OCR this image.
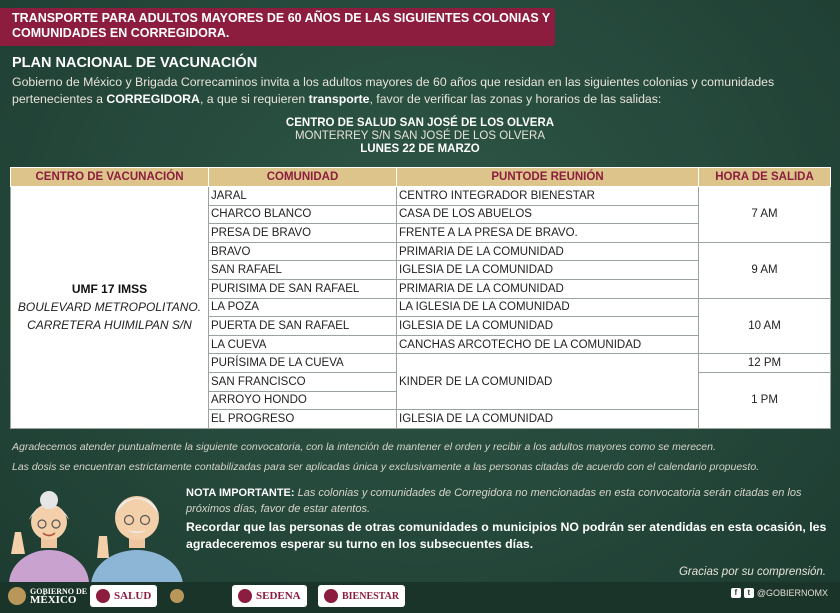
TRANSPORTE PARA ADULTOS MAYORES DE 60 AÑOS DE LAS SIGUIENTES COLONIAS Y
COMUNIDADES EN CORREGIDORA.
PLAN NACIONAL DE VACUNACIÓN
Gobierno de México y Brigada Correcaminos invita a los adultos mayores de 60 años que residan en las siguientes colonias y comunidades pertenecientes a CORREGIDORA, a que si requieren transporte, favor de verificar las zonas y horarios de las salidas:
CENTRO DE SALUD SAN JOSÉ DE LOS OLVERA
MONTERREY S/N SAN JOSÉ DE LOS OLVERA
LUNES 22 DE MARZO
CENTRO DE VACUNACIÓN	COMUNIDAD	PUNTODE REUNIÓN	HORA DE SALIDA

UMF 17 IMSS
BOULEVARD METROPOLITANO.
CARRETERA HUIMILPAN S/N	JARAL	CENTRO INTEGRADOR BIENESTAR	7 AM
	CHARCO BLANCO	CASA DE LOS ABUELOS	
	PRESA DE BRAVO	FRENTE A LA PRESA DE BRAVO.	
	BRAVO	PRIMARIA DE LA COMUNIDAD	9 AM
	SAN RAFAEL	IGLESIA DE LA COMUNIDAD	
	PURISIMA DE SAN RAFAEL	PRIMARIA DE LA COMUNIDAD	
	LA POZA	LA IGLESIA DE LA COMUNIDAD	10 AM
	PUERTA DE SAN RAFAEL	IGLESIA DE LA COMUNIDAD	
	LA CUEVA	CANCHAS ARCOTECHO DE LA COMUNIDAD	
	PURÍSIMA DE LA CUEVA	KINDER DE LA COMUNIDAD	12 PM
	SAN FRANCISCO		1 PM
	ARROYO HONDO		
	EL PROGRESO	IGLESIA DE LA COMUNIDAD	
Agradecemos atender puntualmente la siguiente convocatoria, con la intención de mantener el orden y recibir a los adultos mayores como se merecen.
Las dosis se encuentran estrictamente contabilizadas para ser aplicadas única y exclusivamente a las personas citadas de acuerdo con el calendario propuesto.
NOTA IMPORTANTE: Las colonias y comunidades de Corregidora no mencionadas en esta convocatoria serán citadas en los próximos días, favor de estar atentos.
Recordar que las personas de otras comunidades o municipios NO podrán ser atendidas en esta ocasión, les agradeceremos esperar su turno en los subsecuentes días.
Gracias por su comprensión.
GOBIERNO DE
MÉXICO	SALUD	SEDENA	BIENESTAR	f	t @GOBIERNOMX
